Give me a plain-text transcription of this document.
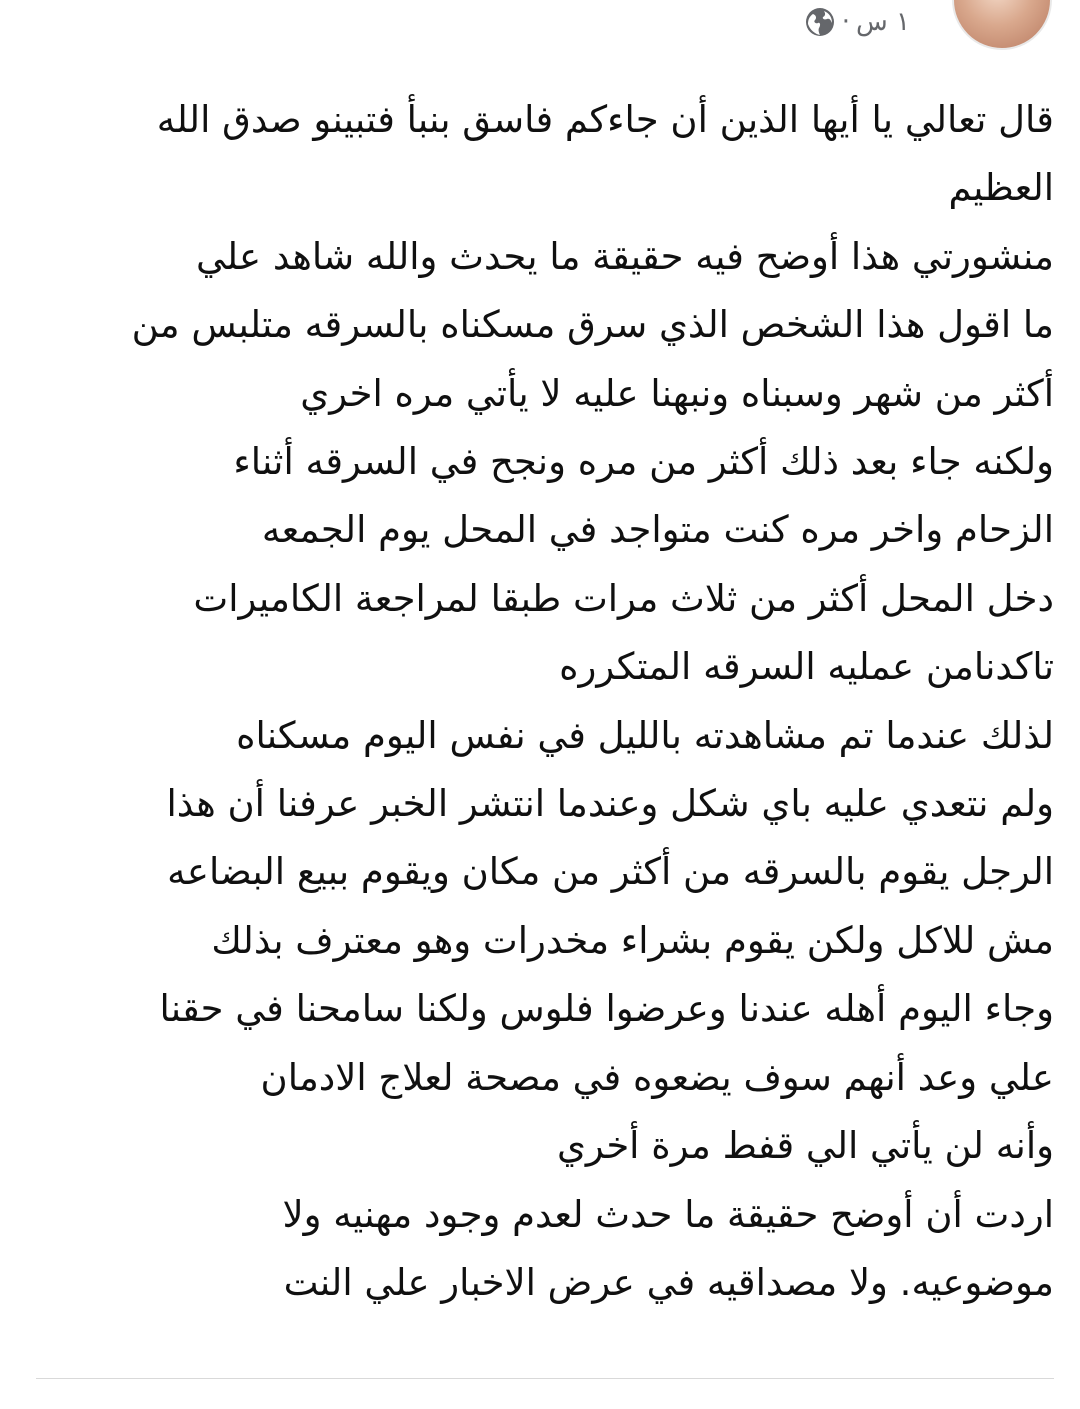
· ١ س
قال تعالي يا أيها الذين أن جاءكم فاسق بنبأ فتبينو صدق الله
العظيم
منشورتي هذا أوضح فيه حقيقة ما يحدث والله شاهد علي
ما اقول هذا الشخص الذي سرق مسكناه بالسرقه متلبس من
أكثر من شهر وسبناه ونبهنا عليه لا يأتي مره اخري
ولكنه جاء بعد ذلك أكثر من مره ونجح في السرقه أثناء
الزحام واخر مره كنت متواجد في المحل يوم الجمعه
دخل المحل أكثر من ثلاث مرات طبقا لمراجعة الكاميرات
تاكدنامن عمليه السرقه المتكرره
لذلك عندما تم مشاهدته بالليل في نفس اليوم مسكناه
ولم نتعدي عليه باي شكل وعندما انتشر الخبر عرفنا أن هذا
الرجل يقوم بالسرقه من أكثر من مكان ويقوم ببيع البضاعه
مش للاكل ولكن يقوم بشراء مخدرات وهو معترف بذلك
وجاء اليوم أهله عندنا وعرضوا فلوس ولكنا سامحنا في حقنا
علي وعد أنهم سوف يضعوه في مصحة لعلاج الادمان
وأنه لن يأتي الي قفط مرة أخري
اردت أن أوضح حقيقة ما حدث لعدم وجود مهنيه ولا
موضوعيه. ولا مصداقيه في عرض الاخبار علي النت
